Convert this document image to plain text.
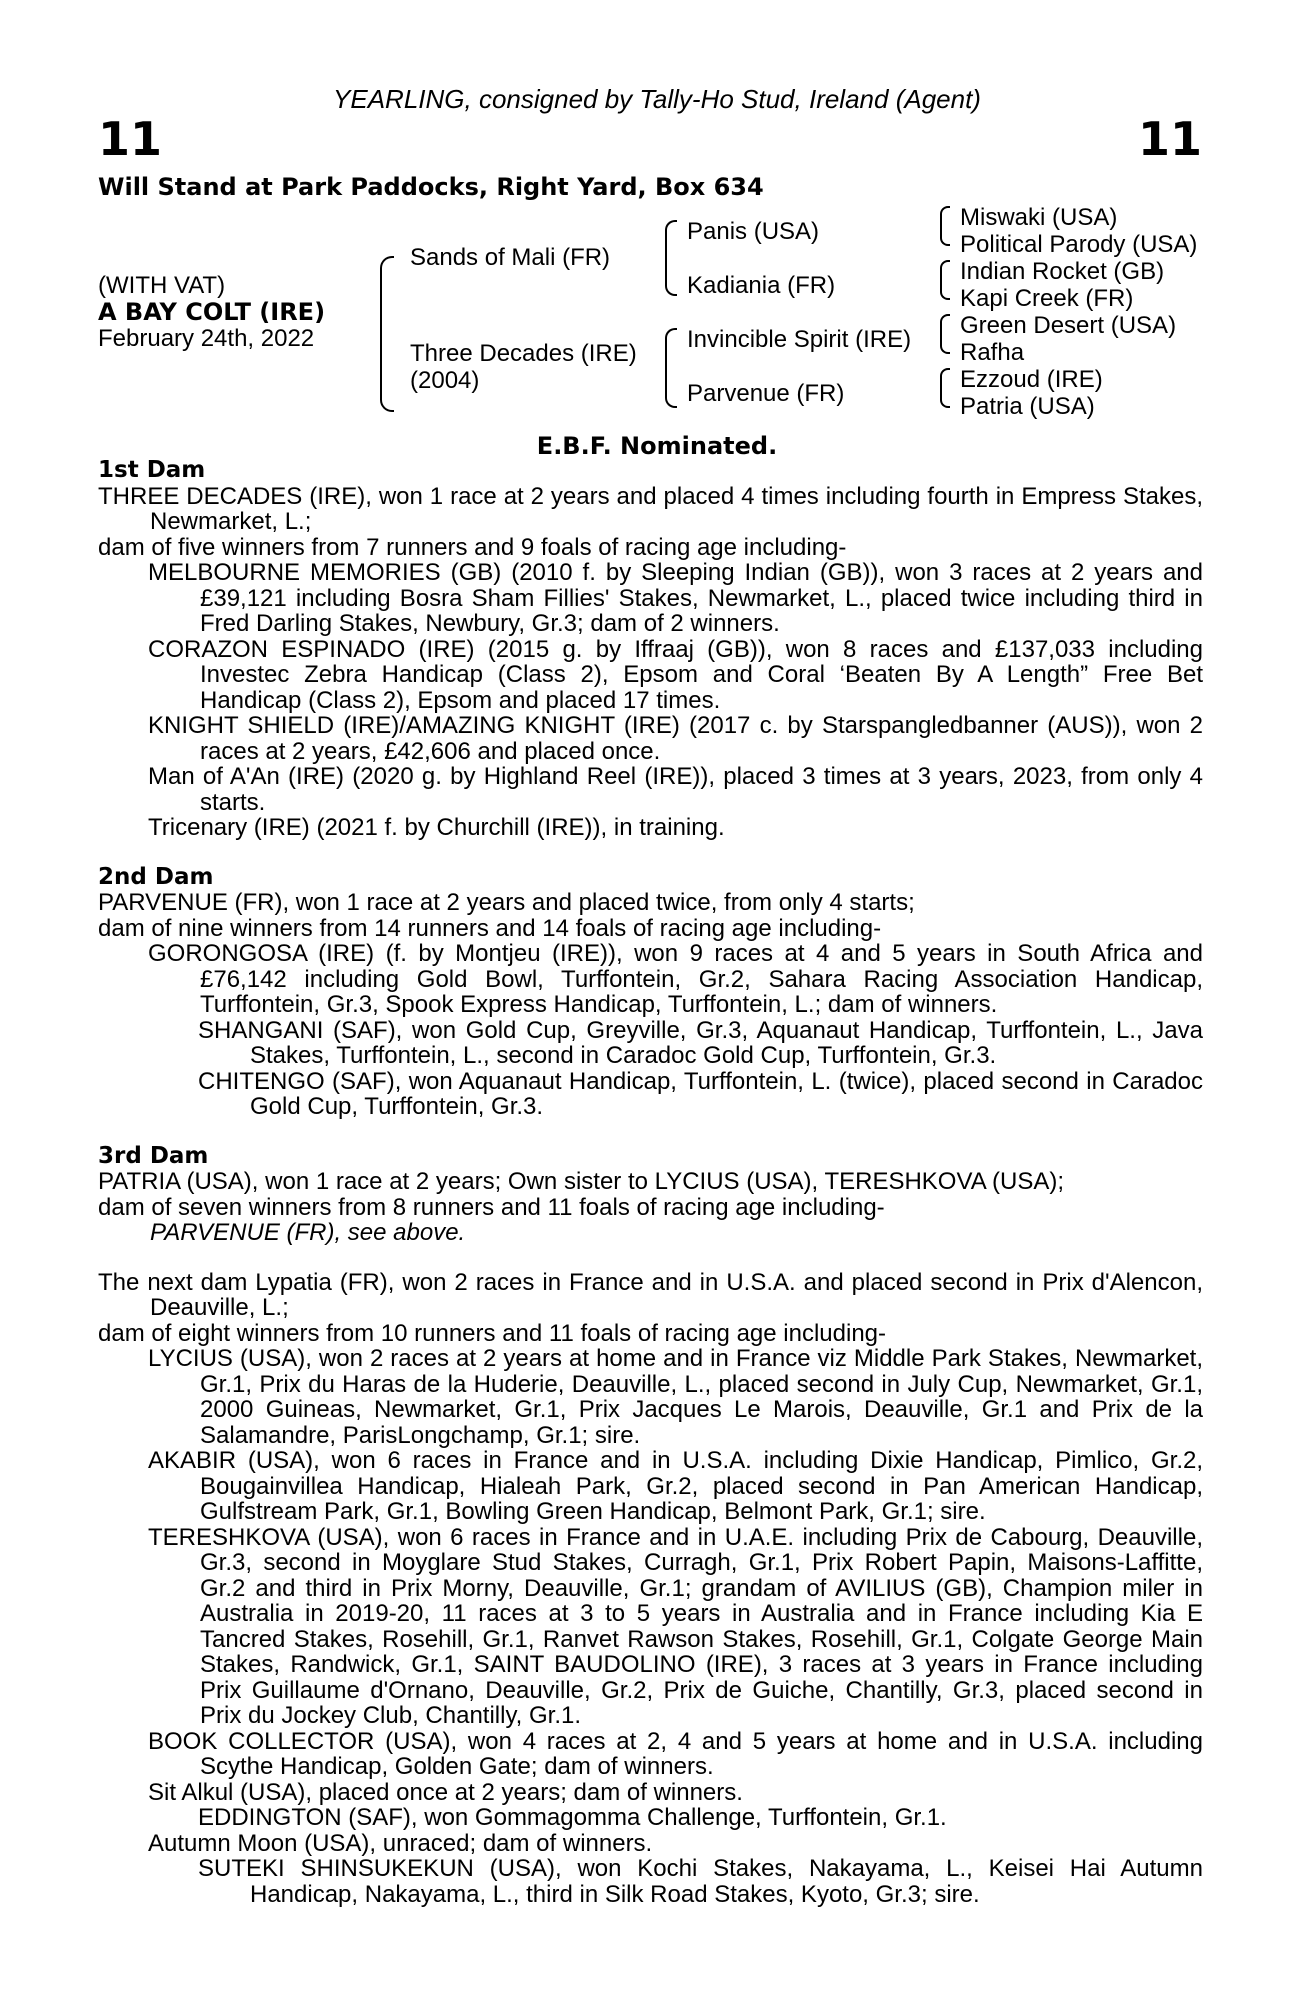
YEARLING, consigned by Tally-Ho Stud, Ireland (Agent)
11	11
Will Stand at Park Paddocks, Right Yard, Box 634
(WITH VAT)
A BAY COLT (IRE)
February 24th, 2022
Sands of Mali (FR)
Three Decades (IRE)
(2004)
Panis (USA)
Kadiania (FR)
Invincible Spirit (IRE)
Parvenue (FR)
Miswaki (USA)
Political Parody (USA)
Indian Rocket (GB)
Kapi Creek (FR)
Green Desert (USA)
Rafha
Ezzoud (IRE)
Patria (USA)
E.B.F. Nominated.

1st Dam

THREE DECADES (IRE), won 1 race at 2 years and placed 4 times including fourth in Empress Stakes, Newmarket, L.;

dam of five winners from 7 runners and 9 foals of racing age including-

MELBOURNE MEMORIES (GB) (2010 f. by Sleeping Indian (GB)), won 3 races at 2 years and £39,121 including Bosra Sham Fillies' Stakes, Newmarket, L., placed twice including third in Fred Darling Stakes, Newbury, Gr.3; dam of 2 winners.

CORAZON ESPINADO (IRE) (2015 g. by Iffraaj (GB)), won 8 races and £137,033 including Investec Zebra Handicap (Class 2), Epsom and Coral ‘Beaten By A Length” Free Bet Handicap (Class 2), Epsom and placed 17 times.

KNIGHT SHIELD (IRE)/AMAZING KNIGHT (IRE) (2017 c. by Starspangledbanner (AUS)), won 2 races at 2 years, £42,606 and placed once.

Man of A'An (IRE) (2020 g. by Highland Reel (IRE)), placed 3 times at 3 years, 2023, from only 4 starts.

Tricenary (IRE) (2021 f. by Churchill (IRE)), in training.

2nd Dam

PARVENUE (FR), won 1 race at 2 years and placed twice, from only 4 starts;

dam of nine winners from 14 runners and 14 foals of racing age including-

GORONGOSA (IRE) (f. by Montjeu (IRE)), won 9 races at 4 and 5 years in South Africa and £76,142 including Gold Bowl, Turffontein, Gr.2, Sahara Racing Association Handicap, Turffontein, Gr.3, Spook Express Handicap, Turffontein, L.; dam of winners.

SHANGANI (SAF), won Gold Cup, Greyville, Gr.3, Aquanaut Handicap, Turffontein, L., Java Stakes, Turffontein, L., second in Caradoc Gold Cup, Turffontein, Gr.3.

CHITENGO (SAF), won Aquanaut Handicap, Turffontein, L. (twice), placed second in Caradoc Gold Cup, Turffontein, Gr.3.

3rd Dam

PATRIA (USA), won 1 race at 2 years; Own sister to LYCIUS (USA), TERESHKOVA (USA);

dam of seven winners from 8 runners and 11 foals of racing age including-

PARVENUE (FR), see above.

The next dam Lypatia (FR), won 2 races in France and in U.S.A. and placed second in Prix d'Alencon, Deauville, L.;

dam of eight winners from 10 runners and 11 foals of racing age including-

LYCIUS (USA), won 2 races at 2 years at home and in France viz Middle Park Stakes, Newmarket, Gr.1, Prix du Haras de la Huderie, Deauville, L., placed second in July Cup, Newmarket, Gr.1, 2000 Guineas, Newmarket, Gr.1, Prix Jacques Le Marois, Deauville, Gr.1 and Prix de la Salamandre, ParisLongchamp, Gr.1; sire.

AKABIR (USA), won 6 races in France and in U.S.A. including Dixie Handicap, Pimlico, Gr.2, Bougainvillea Handicap, Hialeah Park, Gr.2, placed second in Pan American Handicap, Gulfstream Park, Gr.1, Bowling Green Handicap, Belmont Park, Gr.1; sire.

TERESHKOVA (USA), won 6 races in France and in U.A.E. including Prix de Cabourg, Deauville, Gr.3, second in Moyglare Stud Stakes, Curragh, Gr.1, Prix Robert Papin, Maisons-Laffitte, Gr.2 and third in Prix Morny, Deauville, Gr.1; grandam of AVILIUS (GB), Champion miler in Australia in 2019-20, 11 races at 3 to 5 years in Australia and in France including Kia E Tancred Stakes, Rosehill, Gr.1, Ranvet Rawson Stakes, Rosehill, Gr.1, Colgate George Main Stakes, Randwick, Gr.1, SAINT BAUDOLINO (IRE), 3 races at 3 years in France including Prix Guillaume d'Ornano, Deauville, Gr.2, Prix de Guiche, Chantilly, Gr.3, placed second in Prix du Jockey Club, Chantilly, Gr.1.

BOOK COLLECTOR (USA), won 4 races at 2, 4 and 5 years at home and in U.S.A. including Scythe Handicap, Golden Gate; dam of winners.

Sit Alkul (USA), placed once at 2 years; dam of winners.

EDDINGTON (SAF), won Gommagomma Challenge, Turffontein, Gr.1.

Autumn Moon (USA), unraced; dam of winners.

SUTEKI SHINSUKEKUN (USA), won Kochi Stakes, Nakayama, L., Keisei Hai Autumn Handicap, Nakayama, L., third in Silk Road Stakes, Kyoto, Gr.3; sire.
